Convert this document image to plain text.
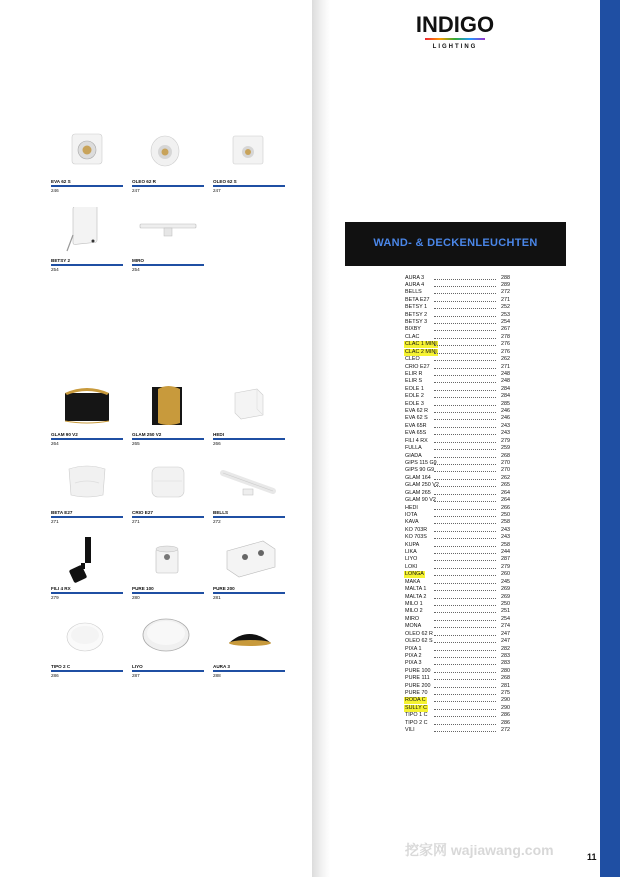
EVA 62 S
246
OLEO 62 R
247
OLEO 62 S
247
BETSY 2
254
MIRO
254
GLAM 90 V2
264
GLAM 250 V2
265
HEDI
266
BETA E27
271
CRIO E27
271
BELLS
272
FILI 4 RX
279
PURE 100
280
PURE 200
281
TIPO 2 C
286
LIYO
287
AURA 3
288
INDIGO
LIGHTING
WAND- & DECKENLEUCHTEN
AURA 3	288
AURA 4	289
BELLS	272
BETA E27	271
BETSY 1	252
BETSY 2	253
BETSY 3	254
BIXBY	267
CLAC	278
CLAC 1 MINI	276
CLAC 2 MINI	276
CLEO	262
CRIO E27	271
ELIR R	248
ELIR S	248
EOLE 1	284
EOLE 2	284
EOLE 3	285
EVA 62 R	246
EVA 62 S	246
EVA 65R	243
EVA 65S	243
FILI 4 RX	279
FULLA	259
GIADA	268
GIPS 115 G9	270
GIPS 90 G9	270
GLAM 164	262
GLAM 250 V2	265
GLAM 265	264
GLAM 90 V2	264
HEDI	266
IOTA	250
KAVA	258
KO 703R	243
KO 703S	243
KUPA	258
LIKA	244
LIYO	287
LOKI	279
LONGA	260
MAKA	245
MALTA 1	269
MALTA 2	269
MILO 1	250
MILO 2	251
MIRO	254
MONA	274
OLEO 62 R	247
OLEO 62 S	247
PIXA 1	282
PIXA 2	283
PIXA 3	283
PURE 100	280
PURE 111	268
PURE 200	281
PURE 70	275
RODA C	290
SULLY C	290
TIPO 1 C	286
TIPO 2 C	286
VILI	272
挖家网 wajiawang.com	11
